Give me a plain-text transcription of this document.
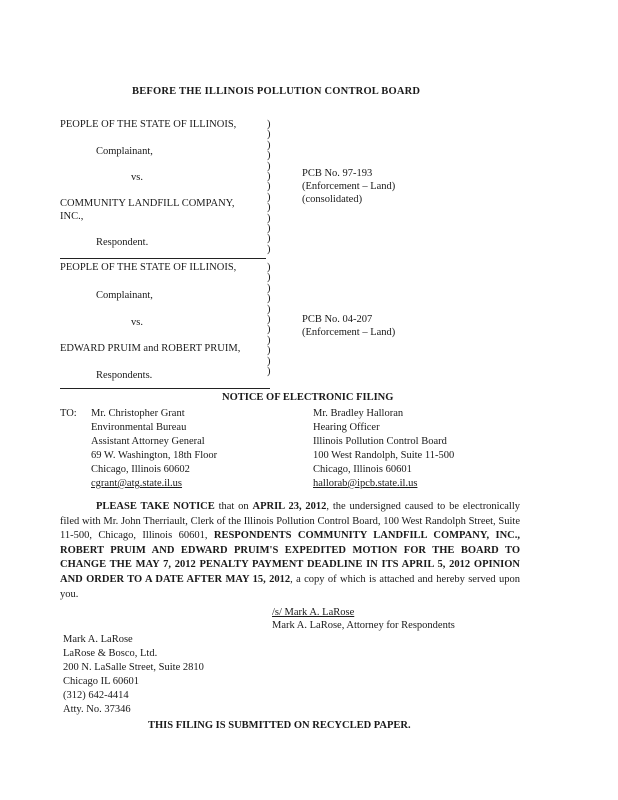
BEFORE THE ILLINOIS POLLUTION CONTROL BOARD
PEOPLE OF THE STATE OF ILLINOIS,
Complainant,
vs.
COMMUNITY LANDFILL COMPANY,
INC.,
Respondent.
PCB No. 97-193
(Enforcement – Land)
(consolidated)
)
)
)
)
)
)
)
)
)
)
)
)
)
PEOPLE OF THE STATE OF ILLINOIS,
Complainant,
vs.
EDWARD PRUIM and ROBERT PRUIM,
Respondents.
PCB No. 04-207
(Enforcement – Land)
)
)
)
)
)
)
)
)
)
)
)
NOTICE OF ELECTRONIC FILING
TO: Mr. Christopher Grant
Environmental Bureau
Assistant Attorney General
69 W. Washington, 18th Floor
Chicago, Illinois 60602
cgrant@atg.state.il.us
Mr. Bradley Halloran
Hearing Officer
Illinois Pollution Control Board
100 West Randolph, Suite 11-500
Chicago, Illinois 60601
hallorab@ipcb.state.il.us
PLEASE TAKE NOTICE that on APRIL 23, 2012, the undersigned caused to be electronically filed with Mr. John Therriault, Clerk of the Illinois Pollution Control Board, 100 West Randolph Street, Suite 11-500, Chicago, Illinois 60601, RESPONDENTS COMMUNITY LANDFILL COMPANY, INC., ROBERT PRUIM AND EDWARD PRUIM'S EXPEDITED MOTION FOR THE BOARD TO CHANGE THE MAY 7, 2012 PENALTY PAYMENT DEADLINE IN ITS APRIL 5, 2012 OPINION AND ORDER TO A DATE AFTER MAY 15, 2012, a copy of which is attached and hereby served upon you.
/s/ Mark A. LaRose
Mark A. LaRose, Attorney for Respondents
Mark A. LaRose
LaRose & Bosco, Ltd.
200 N. LaSalle Street, Suite 2810
Chicago IL 60601
(312) 642-4414
Atty. No. 37346
THIS FILING IS SUBMITTED ON RECYCLED PAPER.
